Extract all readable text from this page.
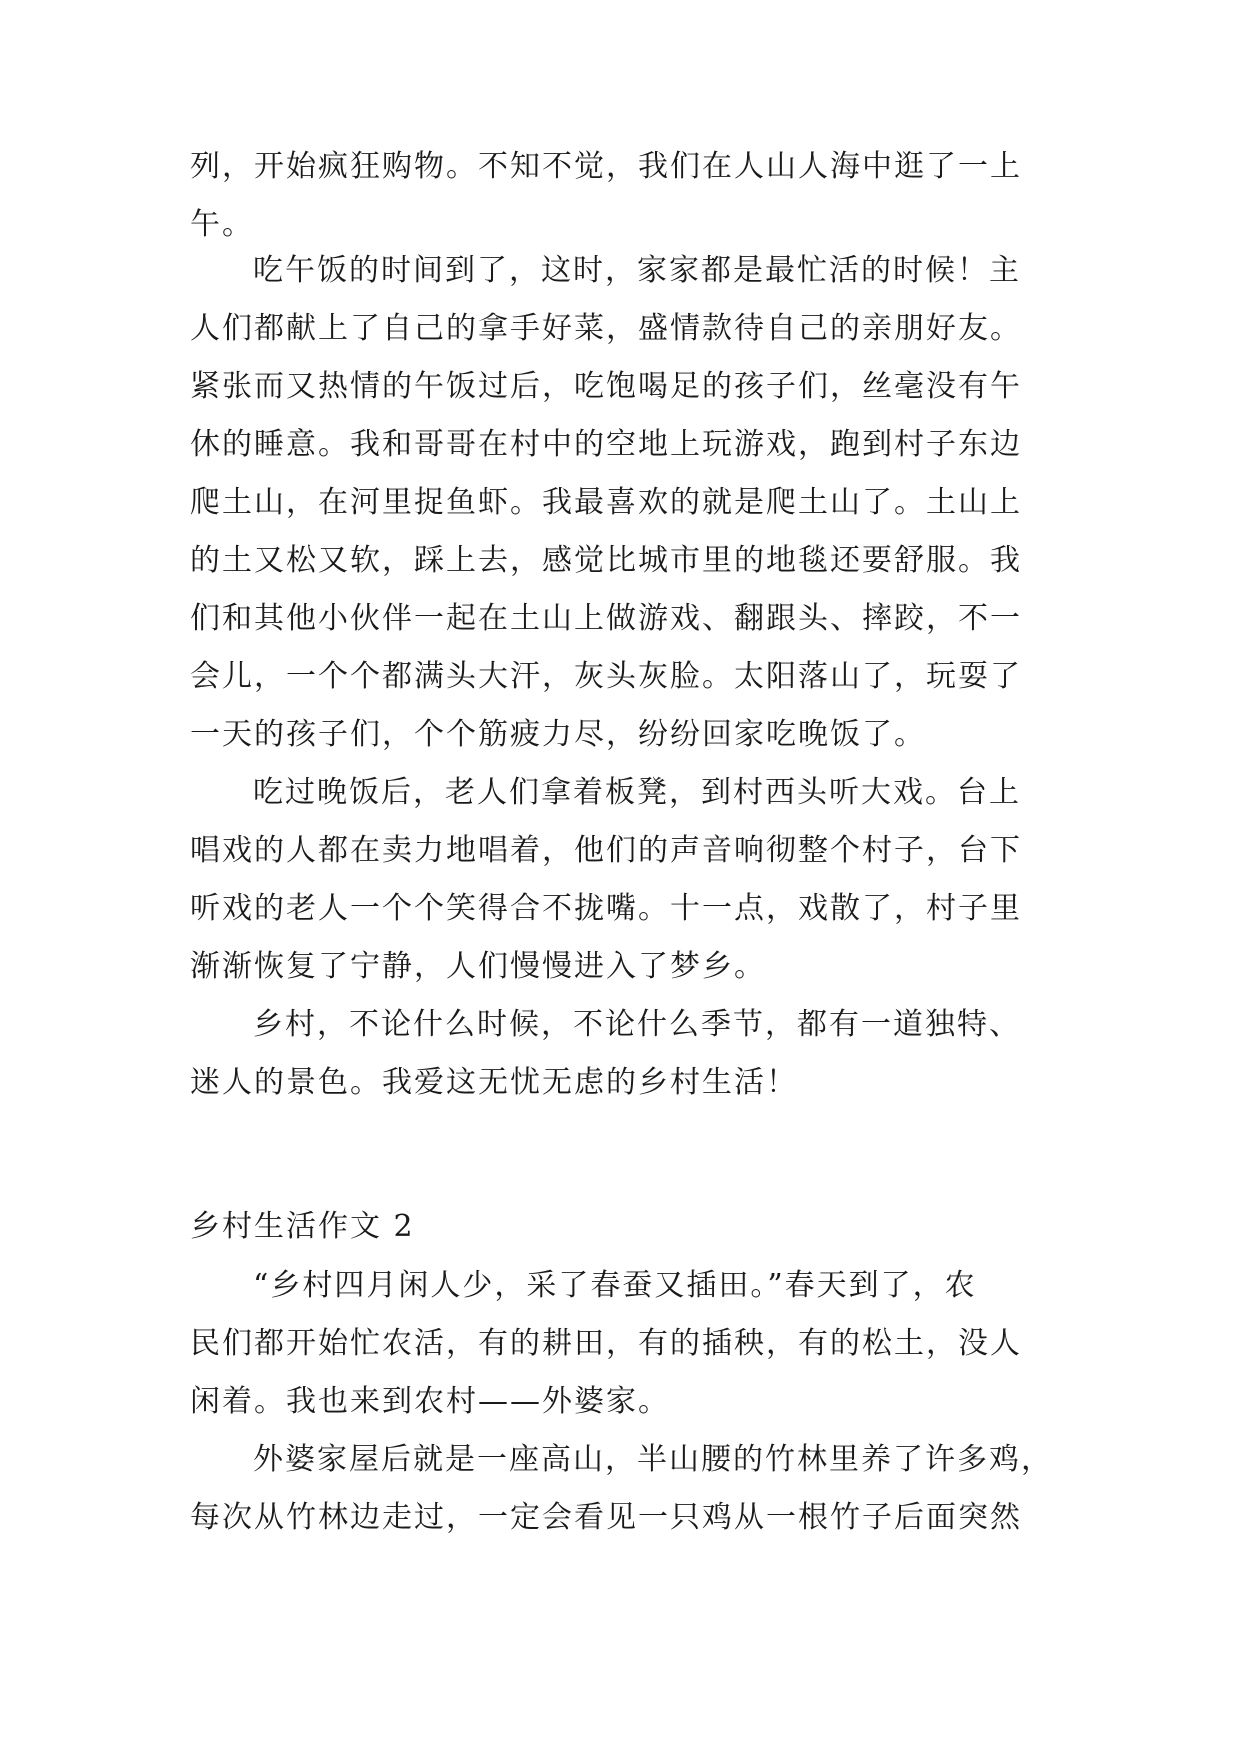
列，开始疯狂购物。不知不觉，我们在人山人海中逛了一上
午。

吃午饭的时间到了，这时，家家都是最忙活的时候！主
人们都献上了自己的拿手好菜，盛情款待自己的亲朋好友。
紧张而又热情的午饭过后，吃饱喝足的孩子们，丝毫没有午
休的睡意。我和哥哥在村中的空地上玩游戏，跑到村子东边
爬土山，在河里捉鱼虾。我最喜欢的就是爬土山了。土山上
的土又松又软，踩上去，感觉比城市里的地毯还要舒服。我
们和其他小伙伴一起在土山上做游戏、翻跟头、摔跤，不一
会儿，一个个都满头大汗，灰头灰脸。太阳落山了，玩耍了
一天的孩子们，个个筋疲力尽，纷纷回家吃晚饭了。

吃过晚饭后，老人们拿着板凳，到村西头听大戏。台上
唱戏的人都在卖力地唱着，他们的声音响彻整个村子，台下
听戏的老人一个个笑得合不拢嘴。十一点，戏散了，村子里
渐渐恢复了宁静，人们慢慢进入了梦乡。

乡村，不论什么时候，不论什么季节，都有一道独特、
迷人的景色。我爱这无忧无虑的乡村生活！

乡村生活作文 2

“乡村四月闲人少，采了春蚕又插田。”春天到了，农
民们都开始忙农活，有的耕田，有的插秧，有的松土，没人
闲着。我也来到农村——外婆家。

外婆家屋后就是一座高山，半山腰的竹林里养了许多鸡，
每次从竹林边走过，一定会看见一只鸡从一根竹子后面突然
